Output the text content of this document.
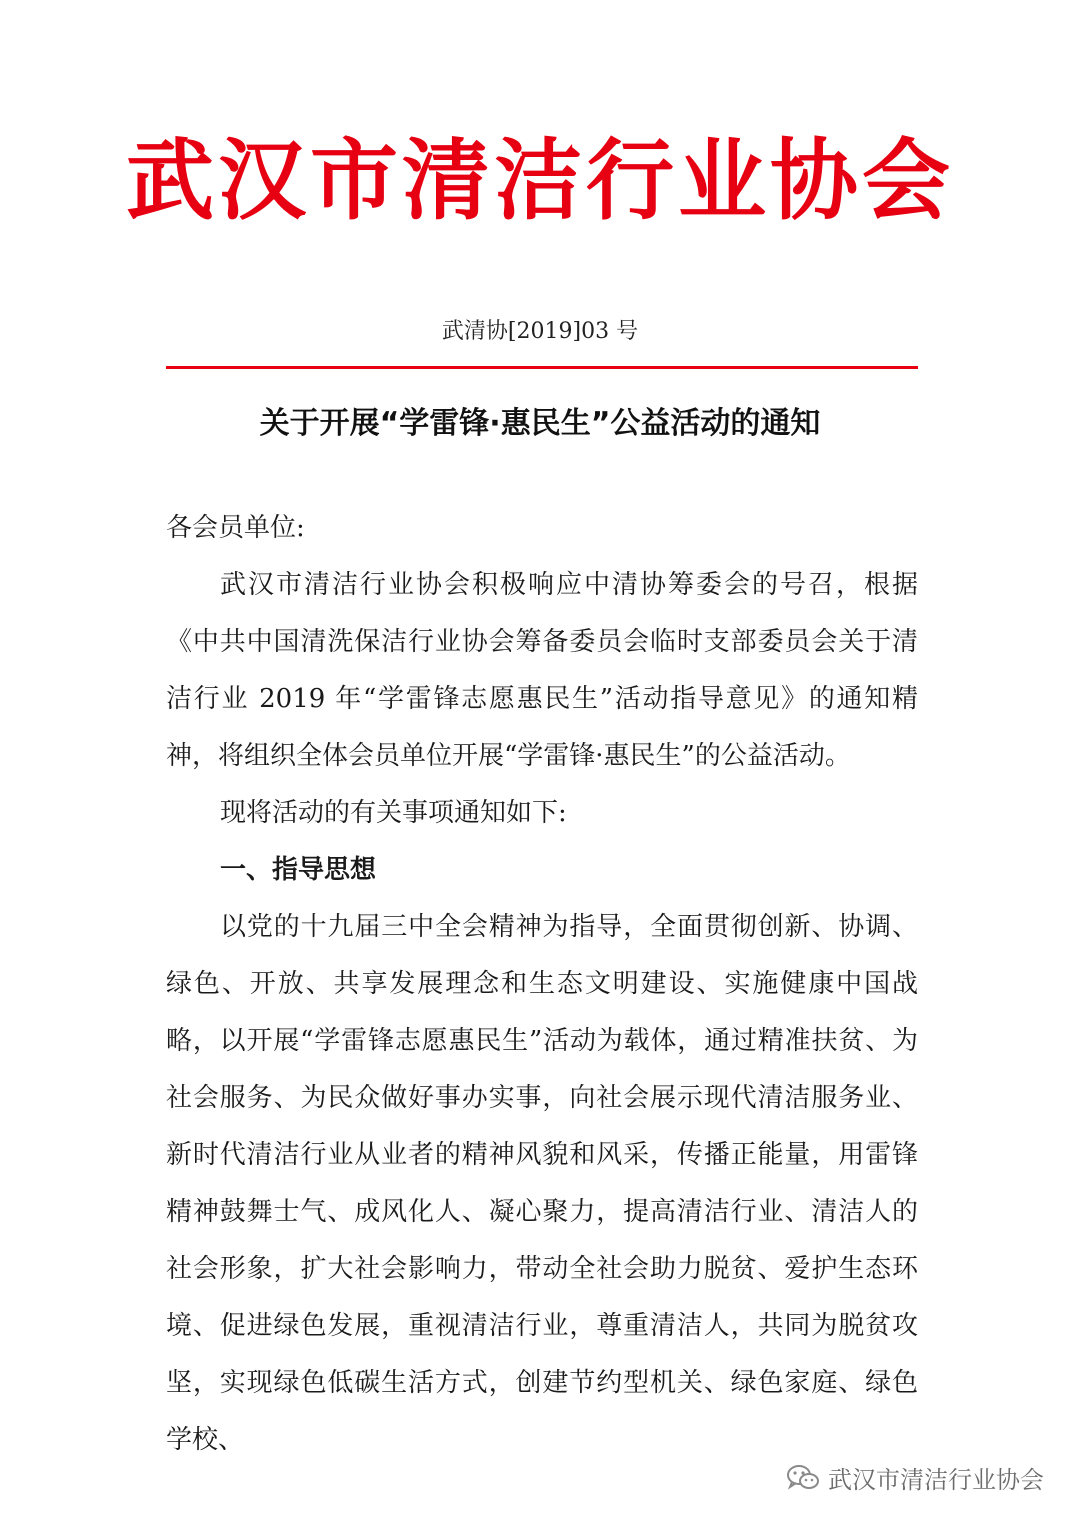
武汉市清洁行业协会
武清协[2019]03 号
关于开展“学雷锋·惠民生”公益活动的通知

各会员单位:

武汉市清洁行业协会积极响应中清协筹委会的号召，根据《中共中国清洗保洁行业协会筹备委员会临时支部委员会关于清洁行业 2019 年“学雷锋志愿惠民生”活动指导意见》的通知精神，将组织全体会员单位开展“学雷锋·惠民生”的公益活动。

现将活动的有关事项通知如下:

一、指导思想

以党的十九届三中全会精神为指导，全面贯彻创新、协调、绿色、开放、共享发展理念和生态文明建设、实施健康中国战略，以开展“学雷锋志愿惠民生”活动为载体，通过精准扶贫、为社会服务、为民众做好事办实事，向社会展示现代清洁服务业、新时代清洁行业从业者的精神风貌和风采，传播正能量，用雷锋精神鼓舞士气、成风化人、凝心聚力，提高清洁行业、清洁人的社会形象，扩大社会影响力，带动全社会助力脱贫、爱护生态环境、促进绿色发展，重视清洁行业，尊重清洁人，共同为脱贫攻坚，实现绿色低碳生活方式，创建节约型机关、绿色家庭、绿色学校、

武汉市清洁行业协会
